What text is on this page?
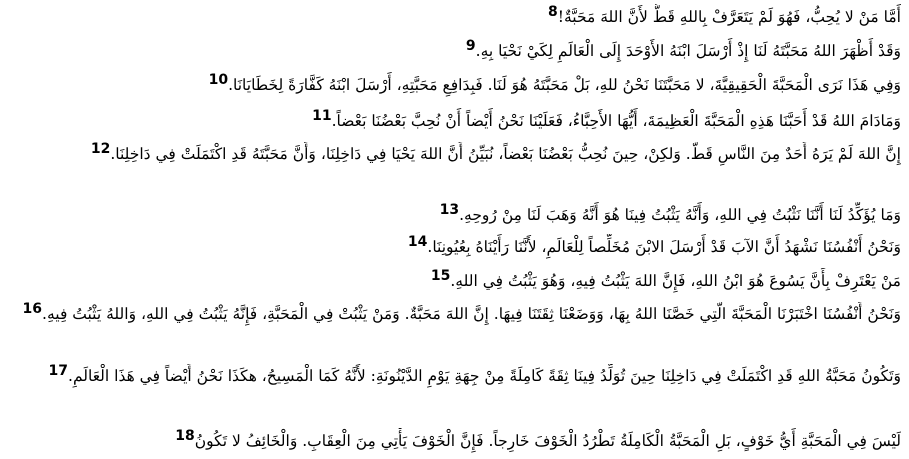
8أَمَّا مَنْ لا يُحِبُّ، فَهُوَ لَمْ يَتَعَرَّفْ بِاللهِ قَطُّ لأَنَّ اللهَ مَحَبَّةٌ!
9وَقَدْ أَظْهَرَ اللهُ مَحَبَّتَهُ لَنَا إِذْ أَرْسَلَ ابْنَهُ الأَوْحَدَ إِلَى الْعَالَمِ لِكَيْ نَحْيَا بِهِ.
10وَفِي هَذَا نَرَى الْمَحَبَّةَ الْحَقِيقِيَّةَ، لا مَحَبَّتَنَا نَحْنُ للهِ، بَلْ مَحَبَّتَهُ هُوَ لَنَا. فَبِدَافِعِ مَحَبَّتِهِ، أَرْسَلَ ابْنَهُ كَفَّارَةً لِخَطَايَانَا.
11وَمَادَامَ اللهُ قَدْ أَحَبَّنَا هَذِهِ الْمَحَبَّةَ الْعَظِيمَةَ، أَيُّهَا الأَحِبَّاءُ، فَعَلَيْنَا نَحْنُ أَيْضاً أَنْ نُحِبَّ بَعْضُنَا بَعْضاً.
12إِنَّ اللهَ لَمْ يَرَهُ أَحَدٌ مِنَ النَّاسِ قَطُّ. وَلكِنْ، حِينَ نُحِبُّ بَعْضُنَا بَعْضاً، نُبَيِّنُ أَنَّ اللهَ يَحْيَا فِي دَاخِلِنَا، وَأَنَّ مَحَبَّتَهُ قَدِ اكْتَمَلَتْ فِي دَاخِلِنَا.
13وَمَا يُؤَكِّدُ لَنَا أَنَّنَا نَثْبُتُ فِي اللهِ، وَأَنَّهُ يَثْبُتُ فِينَا هُوَ أَنَّهُ وَهَبَ لَنَا مِنْ رُوحِهِ.
14وَنَحْنُ أَنْفُسُنَا نَشْهَدُ أَنَّ الآبَ قَدْ أَرْسَلَ الابْنَ مُخَلِّصاً لِلْعَالَمِ، لأَنَّنَا رَأَيْنَاهُ بِعُيُونِنَا.
15مَنْ يَعْتَرِفْ بِأَنَّ يَسُوعَ هُوَ ابْنُ اللهِ، فَإِنَّ اللهَ يَثْبُتُ فِيهِ، وَهُوَ يَثْبُتُ فِي اللهِ.
16وَنَحْنُ أَنْفُسُنَا اخْتَبَرْنَا الْمَحَبَّةَ الَّتِي خَصَّنَا اللهُ بِهَا، وَوَضَعْنَا ثِقَتَنَا فِيهَا. إِنَّ اللهَ مَحَبَّةٌ. وَمَنْ يَثْبُتْ فِي الْمَحَبَّةِ، فَإِنَّهُ يَثْبُتُ فِي اللهِ، وَاللهُ يَثْبُتُ فِيهِ.
17وَتَكُونُ مَحَبَّةُ اللهِ قَدِ اكْتَمَلَتْ فِي دَاخِلِنَا حِينَ تُوَلِّدُ فِينَا ثِقَةً كَامِلَةً مِنْ جِهَةِ يَوْمِ الدَّيْنُونَةِ: لأَنَّهُ كَمَا الْمَسِيحُ، هكَذَا نَحْنُ أَيْضاً فِي هَذَا الْعَالَمِ.
18لَيْسَ فِي الْمَحَبَّةِ أَيُّ خَوْفٍ، بَلِ الْمَحَبَّةُ الْكَامِلَةُ تَطْرُدُ الْخَوْفَ خَارِجاً. فَإِنَّ الْخَوْفَ يَأْتِي مِنَ الْعِقَابِ. وَالْخَائِفُ لا تَكُونُ
